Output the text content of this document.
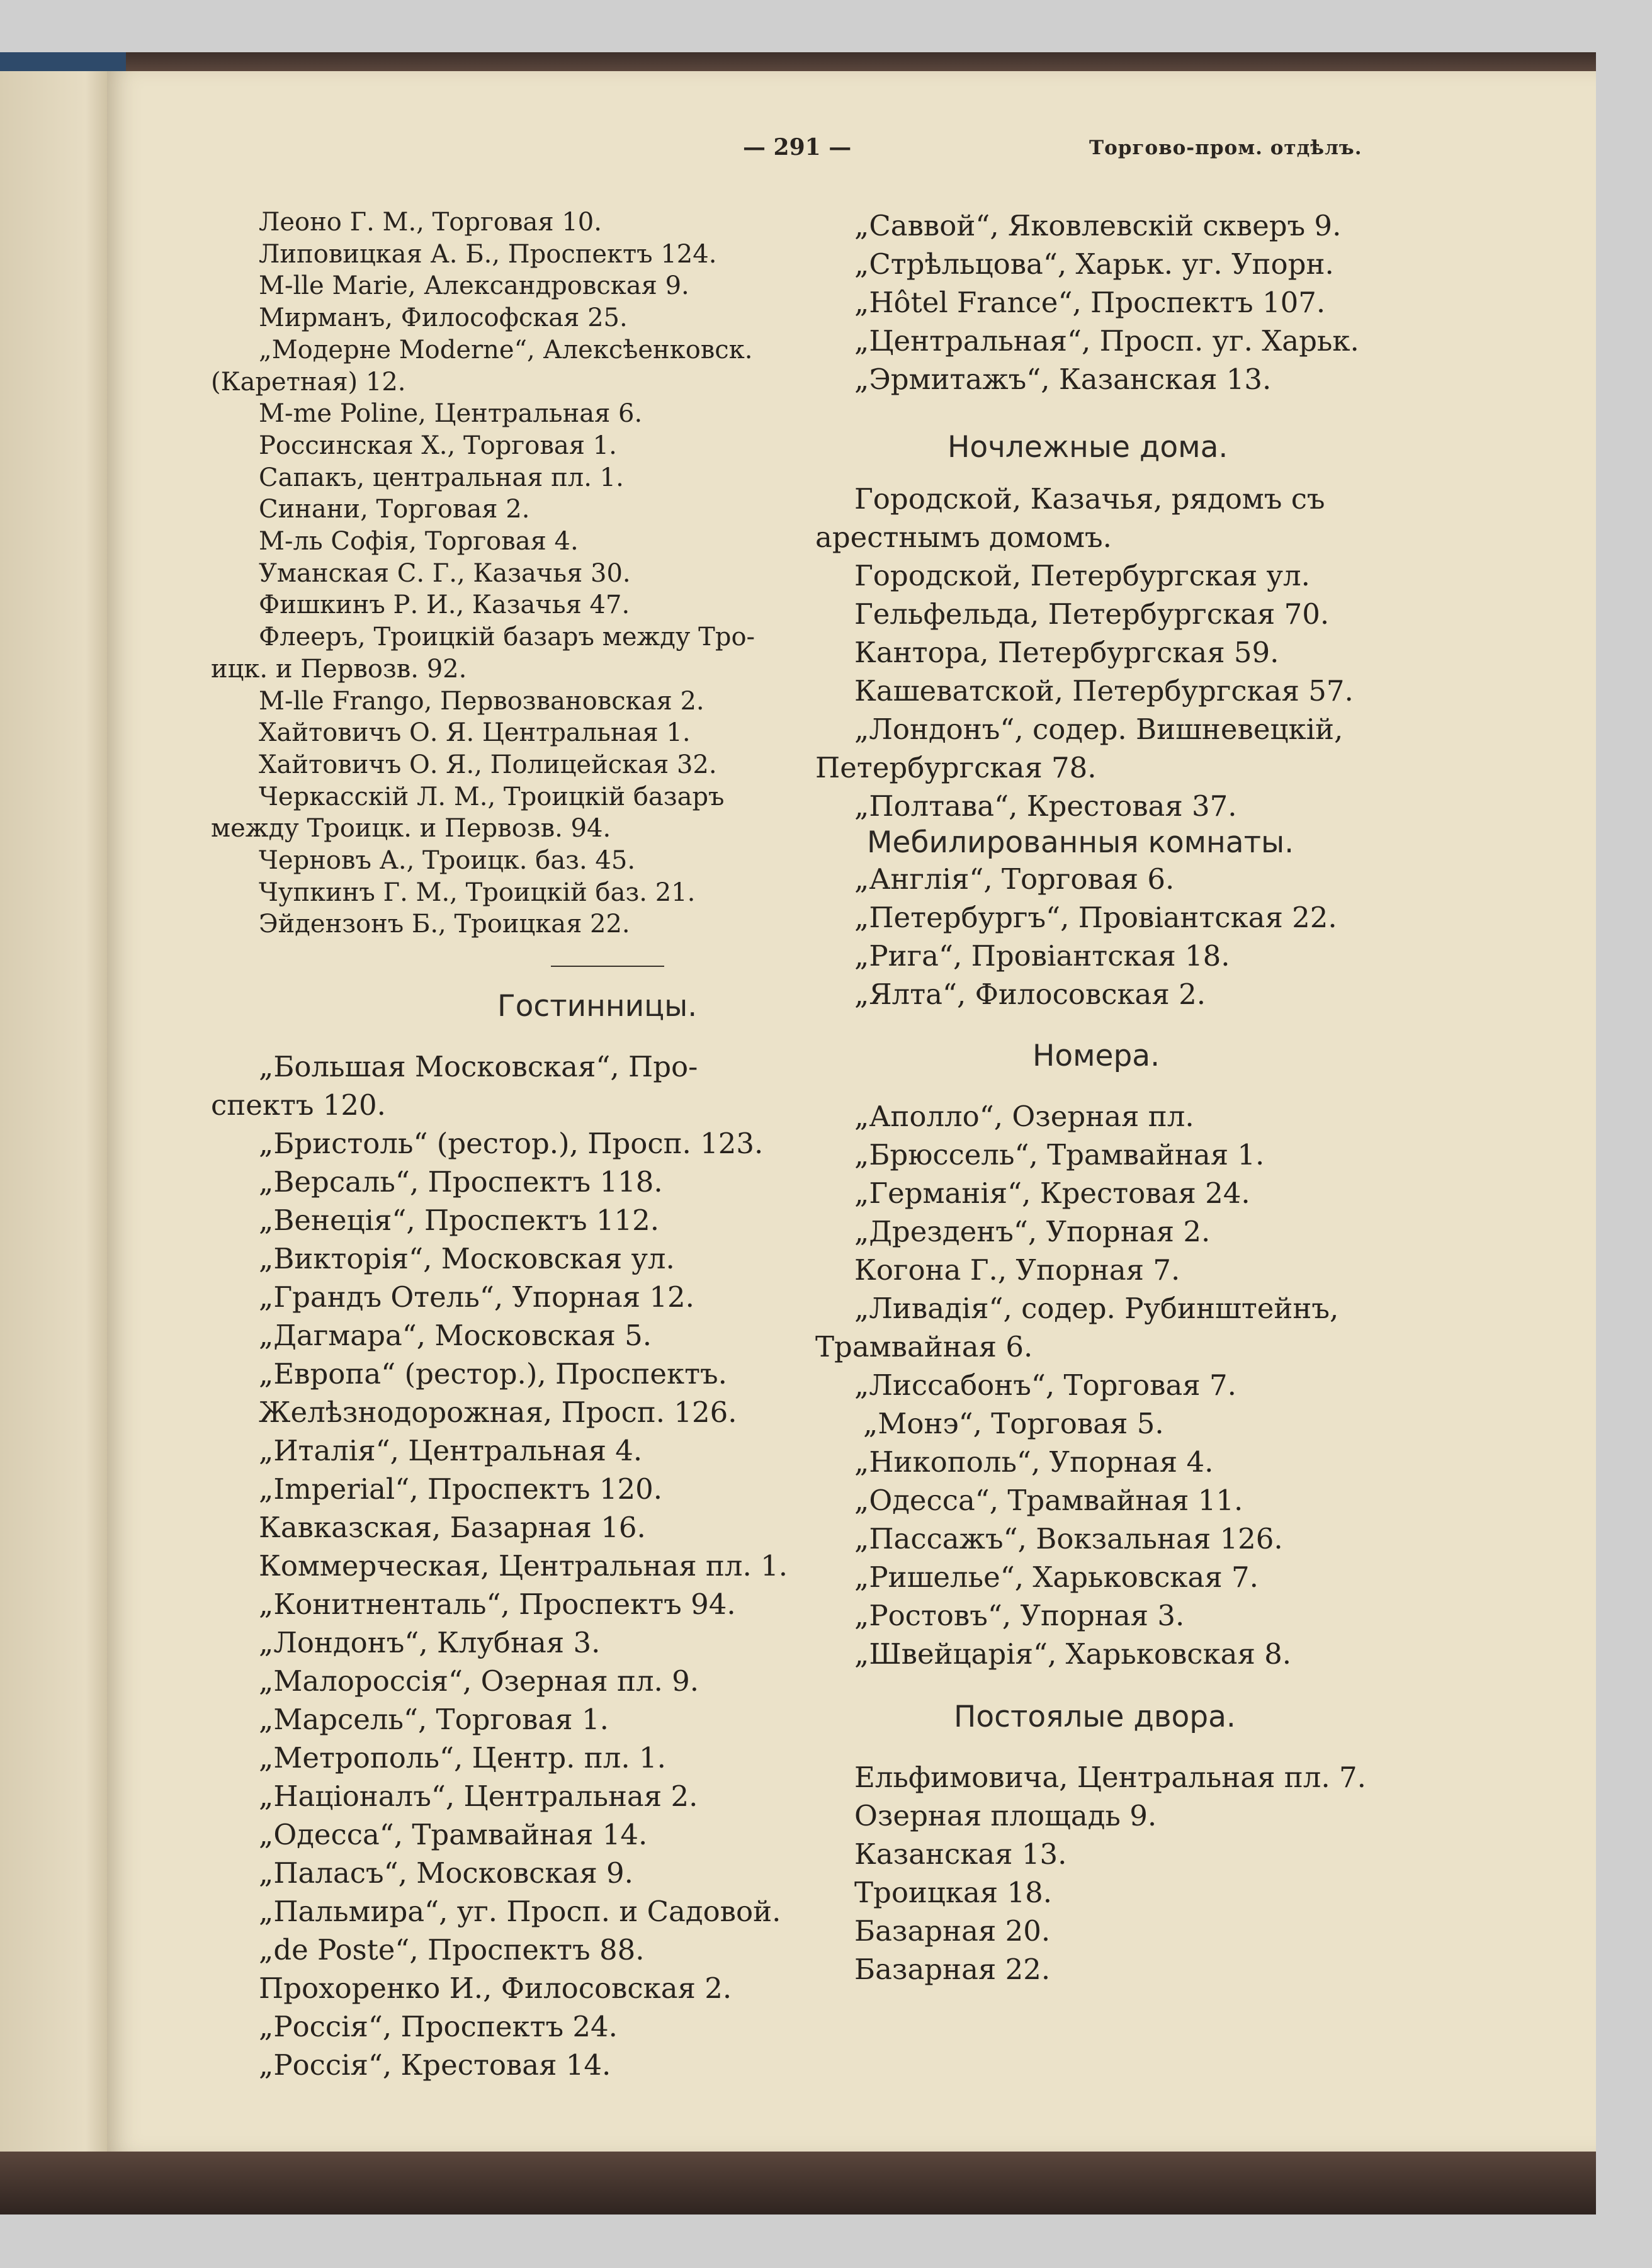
— 291 —	Торгово-пром. отдѣлъ.
Леоно Г. М., Торговая 10.
Липовицкая А. Б., Проспектъ 124.
М-lle Marie, Александровская 9.
Мирманъ, Философская 25.
„Модерне Moderne“, Алексѣенковск.
(Каретная) 12.
M-me Poline, Центральная 6.
Россинская Х., Торговая 1.
Сапакъ, центральная пл. 1.
Синани, Торговая 2.
М-ль Софія, Торговая 4.
Уманская С. Г., Казачья 30.
Фишкинъ Р. И., Казачья 47.
Флееръ, Троицкій базаръ между Тро-
ицк. и Первозв. 92.
M-lle Frango, Первозвановская 2.
Хайтовичъ О. Я. Центральная 1.
Хайтовичъ О. Я., Полицейская 32.
Черкасскій Л. М., Троицкій базаръ
между Троицк. и Первозв. 94.
Черновъ А., Троицк. баз. 45.
Чупкинъ Г. М., Троицкій баз. 21.
Эйдензонъ Б., Троицкая 22.
Гостинницы.
„Большая Московская“, Про-
спектъ 120.
„Бристоль“ (рестор.), Просп. 123.
„Версаль“, Проспектъ 118.
„Венеція“, Проспектъ 112.
„Викторія“, Московская ул.
„Грандъ Отель“, Упорная 12.
„Дагмара“, Московская 5.
„Европа“ (рестор.), Проспектъ.
Желѣзнодорожная, Просп. 126.
„Италія“, Центральная 4.
„Imperial“, Проспектъ 120.
Кавказская, Базарная 16.
Коммерческая, Центральная пл. 1.
„Конитненталь“, Проспектъ 94.
„Лондонъ“, Клубная 3.
„Малороссія“, Озерная пл. 9.
„Марсель“, Торговая 1.
„Метрополь“, Центр. пл. 1.
„Націоналъ“, Центральная 2.
„Одесса“, Трамвайная 14.
„Паласъ“, Московская 9.
„Пальмира“, уг. Просп. и Садовой.
„de Poste“, Проспектъ 88.
Прохоренко И., Филосовская 2.
„Россія“, Проспектъ 24.
„Россія“, Крестовая 14.
„Саввой“, Яковлевскій скверъ 9.
„Стрѣльцова“, Харьк. уг. Упорн.
„Hôtel France“, Проспектъ 107.
„Центральная“, Просп. уг. Харьк.
„Эрмитажъ“, Казанская 13.
Ночлежные дома.
Городской, Казачья, рядомъ съ
арестнымъ домомъ.
Городской, Петербургская ул.
Гельфельда, Петербургская 70.
Кантора, Петербургская 59.
Кашеватской, Петербургская 57.
„Лондонъ“, содер. Вишневецкій,
Петербургская 78.
„Полтава“, Крестовая 37.
Мебилированныя комнаты.
„Англія“, Торговая 6.
„Петербургъ“, Провіантская 22.
„Рига“, Провіантская 18.
„Ялта“, Филосовская 2.
Номера.
„Аполло“, Озерная пл.
„Брюссель“, Трамвайная 1.
„Германія“, Крестовая 24.
„Дрезденъ“, Упорная 2.
Когона Г., Упорная 7.
„Ливадія“, содер. Рубинштейнъ,
Трамвайная 6.
„Лиссабонъ“, Торговая 7.
„Монэ“, Торговая 5.
„Никополь“, Упорная 4.
„Одесса“, Трамвайная 11.
„Пассажъ“, Вокзальная 126.
„Ришелье“, Харьковская 7.
„Ростовъ“, Упорная 3.
„Швейцарія“, Харьковская 8.
Постоялые двора.
Ельфимовича, Центральная пл. 7.
Озерная площадь 9.
Казанская 13.
Троицкая 18.
Базарная 20.
Базарная 22.
